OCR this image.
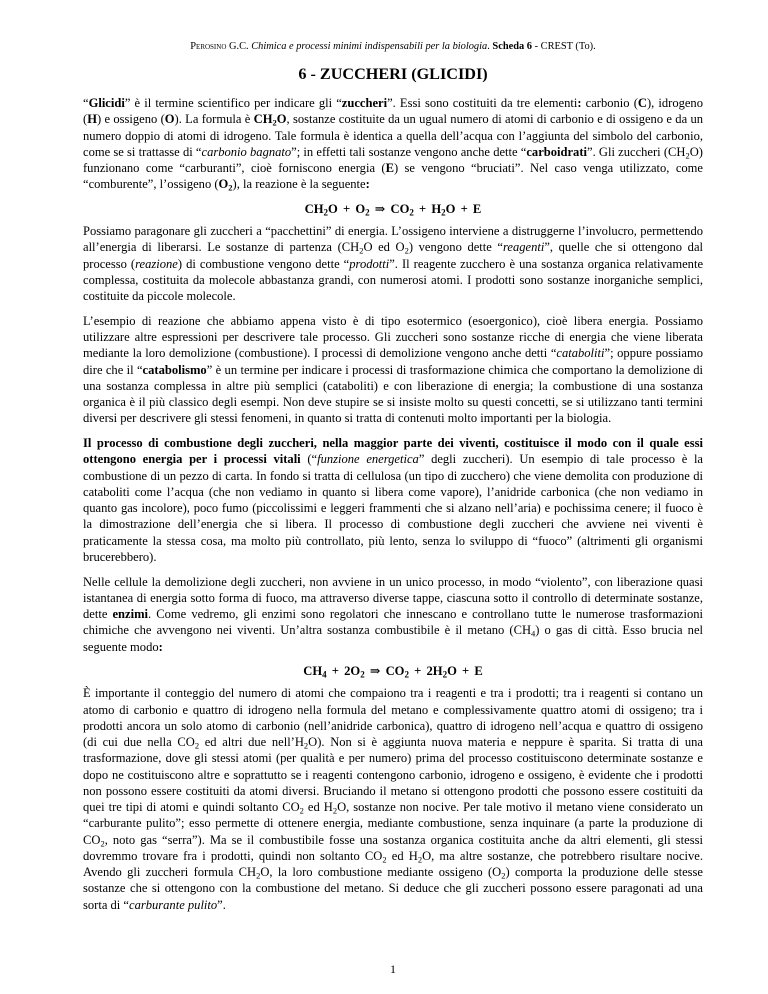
Perosino G.C. Chimica e processi minimi indispensabili per la biologia. Scheda 6 - CREST (To).
6 - ZUCCHERI (GLICIDI)

“Glicidi” è il termine scientifico per indicare gli “zuccheri”. Essi sono costituiti da tre elementi: carbonio (C), idrogeno (H) e ossigeno (O). La formula è $CH_2O$, sostanze costituite da un ugual numero di atomi di carbonio e di ossigeno e da un numero doppio di atomi di idrogeno. Tale formula è identica a quella dell’acqua con l’aggiunta del simbolo del carbonio, come se si trattasse di “carbonio bagnato”; in effetti tali sostanze vengono anche dette “carboidrati”. Gli zuccheri $(CH_2O)$ funzionano come “carburanti”, cioè forniscono energia (E) se vengono “bruciati”. Nel caso venga utilizzato, come “comburente”, l’ossigeno $(O_2)$, la reazione è la seguente:

$CH_2O + O_2$ ⇒ $CO_2 + H_2O + E$

Possiamo paragonare gli zuccheri a “pacchettini” di energia. L’ossigeno interviene a distruggerne l’involucro, permettendo all’energia di liberarsi. Le sostanze di partenza ($CH_2O$ ed $O_2$) vengono dette “reagenti”, quelle che si ottengono dal processo (reazione) di combustione vengono dette “prodotti”. Il reagente zucchero è una sostanza organica relativamente complessa, costituita da molecole abbastanza grandi, con numerosi atomi. I prodotti sono sostanze inorganiche semplici, costituite da piccole molecole.

L’esempio di reazione che abbiamo appena visto è di tipo esotermico (esoergonico), cioè libera energia. Possiamo utilizzare altre espressioni per descrivere tale processo. Gli zuccheri sono sostanze ricche di energia che viene liberata mediante la loro demolizione (combustione). I processi di demolizione vengono anche detti “cataboliti”; oppure possiamo dire che il “catabolismo” è un termine per indicare i processi di trasformazione chimica che comportano la demolizione di una sostanza complessa in altre più semplici (cataboliti) e con liberazione di energia; la combustione di una sostanza organica è il più classico degli esempi. Non deve stupire se si insiste molto su questi concetti, se si utilizzano tanti termini diversi per descrivere gli stessi fenomeni, in quanto si tratta di contenuti molto importanti per la biologia.

Il processo di combustione degli zuccheri, nella maggior parte dei viventi, costituisce il modo con il quale essi ottengono energia per i processi vitali (“funzione energetica” degli zuccheri). Un esempio di tale processo è la combustione di un pezzo di carta. In fondo si tratta di cellulosa (un tipo di zucchero) che viene demolita con produzione di cataboliti come l’acqua (che non vediamo in quanto si libera come vapore), l’anidride carbonica (che non vediamo in quanto gas incolore), poco fumo (piccolissimi e leggeri frammenti che si alzano nell’aria) e pochissima cenere; il fuoco è la dimostrazione dell’energia che si libera. Il processo di combustione degli zuccheri che avviene nei viventi è praticamente la stessa cosa, ma molto più controllato, più lento, senza lo sviluppo di “fuoco” (altrimenti gli organismi brucerebbero).

Nelle cellule la demolizione degli zuccheri, non avviene in un unico processo, in modo “violento”, con liberazione quasi istantanea di energia sotto forma di fuoco, ma attraverso diverse tappe, ciascuna sotto il controllo di determinate sostanze, dette enzimi. Come vedremo, gli enzimi sono regolatori che innescano e controllano tutte le numerose trasformazioni chimiche che avvengono nei viventi. Un’altra sostanza combustibile è il metano $(CH_4)$ o gas di città. Esso brucia nel seguente modo:

$CH_4 + 2O_2$ ⇒ $CO_2 + 2H_2O + E$

È importante il conteggio del numero di atomi che compaiono tra i reagenti e tra i prodotti; tra i reagenti si contano un atomo di carbonio e quattro di idrogeno nella formula del metano e complessivamente quattro atomi di ossigeno; tra i prodotti ancora un solo atomo di carbonio (nell’anidride carbonica), quattro di idrogeno nell’acqua e quattro di ossigeno (di cui due nella $CO_2$ ed altri due $nell’H_2O$). Non si è aggiunta nuova materia e neppure è sparita. Si tratta di una trasformazione, dove gli stessi atomi (per qualità e per numero) prima del processo costituiscono determinate sostanze e dopo ne costituiscono altre e soprattutto se i reagenti contengono carbonio, idrogeno e ossigeno, è evidente che i prodotti non possono essere costituiti da atomi diversi. Bruciando il metano si ottengono prodotti che possono essere costituiti da quei tre tipi di atomi e quindi soltanto $CO_2$ ed $H_2O$, sostanze non nocive. Per tale motivo il metano viene considerato un “carburante pulito”; esso permette di ottenere energia, mediante combustione, senza inquinare (a parte la produzione di $CO_2$, noto gas “serra”). Ma se il combustibile fosse una sostanza organica costituita anche da altri elementi, gli stessi dovremmo trovare fra i prodotti, quindi non soltanto $CO_2$ ed $H_2O$, ma altre sostanze, che potrebbero risultare nocive. Avendo gli zuccheri formula $CH_2O$, la loro combustione mediante ossigeno $(O_2)$ comporta la produzione delle stesse sostanze che si ottengono con la combustione del metano. Si deduce che gli zuccheri possono essere paragonati ad una sorta di “carburante pulito”.

1
